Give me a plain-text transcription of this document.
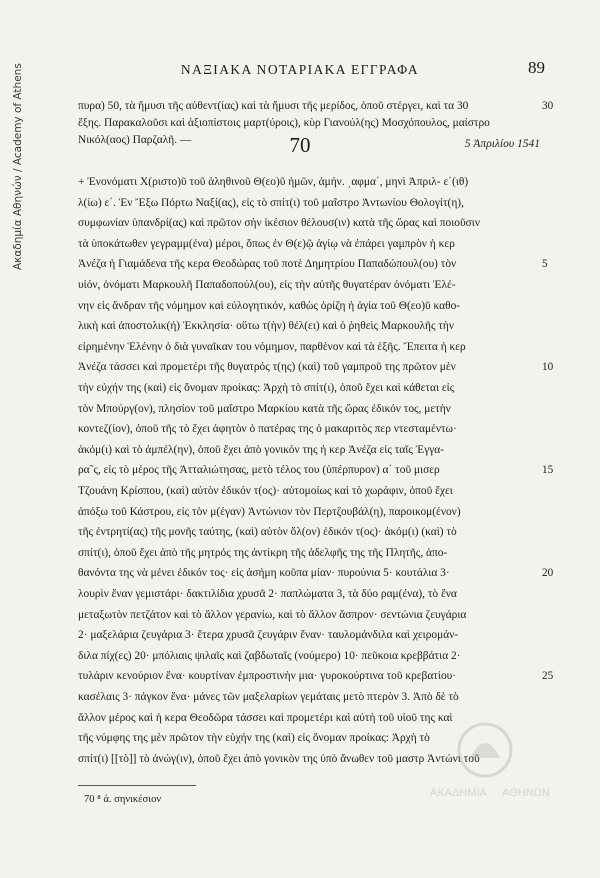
Ακαδημία Αθηνών / Academy of Athens	ΝΑΞΙΑΚΑ ΝΟΤΑΡΙΑΚΑ ΕΓΓΡΑΦΑ	89
πυρα) 50, τὰ ἥμυσι τῆς αὐθεντ(ίας) καὶ τὰ ἥμυσι τῆς μερίδος, ὁποῦ στέργει, καὶ τα 30
ἔξης. Παρακαλοῦσι καὶ ἀξιοπίστοις μαρτ(ύροις), κὺρ Γιανούλ(ης) Μοσχόπουλος, μαίστρο
Νικόλ(αος) Παρζαλῆ. —
30
70	5 Ἀπριλίου 1541
+ Ἐνονόματι Χ(ριστο)ῦ τοῦ ἀληθινοῦ Θ(εο)ῦ ἡμῶν, ἀμήν. ͵αφμα΄, μηνὶ Ἀπριλ- ε΄(ιθ)
λ(ίω) ε΄. Ἐν Ἔξω Πόρτω Ναξί(ας), εἰς τὸ σπίτ(ι) τοῦ μαΐστρο Ἀντωνίου Θολογίτ(η),
συμφωνίαν ὑπανδρί(ας) καὶ πρῶτον σὴν ἱκέσιον θέλουσ(ιν) κατὰ τῆς ὥρας καὶ ποιοῦσιν
τὰ ὑποκάτωθεν γεγραμμ(ένα) μέροι, ὅπως ἐν Θ(ε)ῷ ἁγίῳ νὰ ἐπάρει γαμπρὸν ἡ κερ
Ἀνέζα ἡ Γιαμάδενα τῆς κερα Θεοδώρας τοῦ ποτὲ Δημητρίου Παπαδώπουλ(ου) τὸν
υἱόν, ὀνόματι Μαρκουλῆ Παπαδοπούλ(ου), εἰς τὴν αὐτῆς θυγατέραν ὀνόματι Ἑλέ-
νην εἰς ἄνδραν τῆς νόμημον καὶ εὐλογητικόν, καθὼς ὁρίζη ἡ ἁγία τοῦ Θ(εο)ῦ καθο-
λικὴ καὶ ἀποστολικ(ή) Ἐκκλησία· οὕτω τ(ὴν) θέλ(ει) καὶ ὁ ῥηθεὶς Μαρκουλῆς τὴν
εἰρημένην Ἑλένην ὁ διὰ γυναῖκαν του νόμημον, παρθένον καὶ τὰ ἑξῆς. Ἔπειτα ἡ κερ
Ἀνέζα τάσσει καὶ προμετέρι τῆς θυγατρός τ(ης) (καὶ) τοῦ γαμπροῦ της πρῶτον μὲν
τὴν εὐχήν της (καὶ) εἰς ὄνομαν προίκας: Ἀρχὴ τὸ σπίτ(ι), ὁποῦ ἔχει καὶ κάθεται εἰς
τὸν Μπούργ(ον), πλησίον τοῦ μαΐστρο Μαρκίου κατὰ τῆς ὥρας ἐδικόν τος, μετὴν
κοντεζ(ίον), ὁποῦ τῆς τὸ ἔχει ἀφητὸν ὁ πατέρας της ὁ μακαριτὸς περ ντεσταμέντω·
ἀκόμ(ι) καὶ τὸ ἀμπέλ(ην), ὁποῦ ἔχει ἀπὸ γονικόν της ἡ κερ Ἀνέζα εἰς ταῖς Ἐγγα-
ρα῀ς, εἰς τὸ μέρος τῆς Ἀτταλιώτησας, μετὸ τέλος του (ὑπέρπυρον) α΄ τοῦ μισερ
Τζουάνη Κρίσπου, (καὶ) αὐτὸν ἐδικόν τ(ος)· αὐτομοίως καὶ τὸ χωράφιν, ὁποῦ ἔχει
ἀπόξω τοῦ Κάστρου, εἰς τὸν μ(έγαν) Ἀντώνιον τὸν Περτζουβάλ(η), παροικομ(ένον)
τῆς ἐντρητί(ας) τῆς μονῆς ταύτης, (καὶ) αὐτὸν ὅλ(ον) ἐδικόν τ(ος)· ἀκόμ(ι) (καὶ) τὸ
σπίτ(ι), ὁποῦ ἔχει ἀπὸ τῆς μητρός της ἀντίκρη τῆς ἀδελφῆς της τῆς Πλητῆς, ἀπο-
θανόντα της νὰ μένει ἐδικόν τος· εἰς ἀσήμη κοῦπα μίαν· πυρούνια 5· κουτάλια 3·
λουρὶν ἕναν γεμιστάρι· δακτιλίδια χρυσᾶ 2· παπλώματα 3, τὰ δύο ραμ(ένα), τὸ ἕνα
μεταξωτὸν πετζάτον καὶ τὸ ἄλλον γερανίω, καὶ τὸ ἄλλον ἄσπρον· σεντώνια ζευγάρια
2· μαξελάρια ζευγάρια 3· ἕτερα χρυσᾶ ζευγάριν ἕναν· ταυλομάνδιλα καὶ χειρομάν-
διλα πίχ(ες) 20· μπόλιαις ψιλαῖς καὶ ζαβδωταῖς (νούμερο) 10· πεῦκοια κρεββάτια 2·
τυλάριν κενούριον ἕνα· κουρτίναν ἐμπροστινὴν μια· γυροκούρτινα τοῦ κρεβατίου·
κασέλαις 3· πάγκον ἕνα· μάνες τῶν μαξελαρίων γεμάταις μετὸ πτερὸν 3. Ἀπὸ δὲ τὸ
ἄλλον μέρος καὶ ἡ κερα Θεοδῶρα τάσσει καὶ προμετέρι καὶ αὐτὴ τοῦ υἱοῦ της καὶ
τῆς νύμφης της μὲν πρῶτον τὴν εὐχήν της (καὶ) εἰς ὄνομαν προίκας: Ἀρχὴ τὸ
σπίτ(ι) [[τὸ]] τὸ ἀνώγ(ιν), ὁποῦ ἔχει ἀπὸ γονικὸν της ὑπὸ ἄνωθεν τοῦ μαστρ Ἀντώνι τοῦ
5
10
15
20
25
70 ⁸ ἀ. σηνικέσιον
ΑΚΑΔΗΜΙΑ ΑΘΗΝΩΝ
